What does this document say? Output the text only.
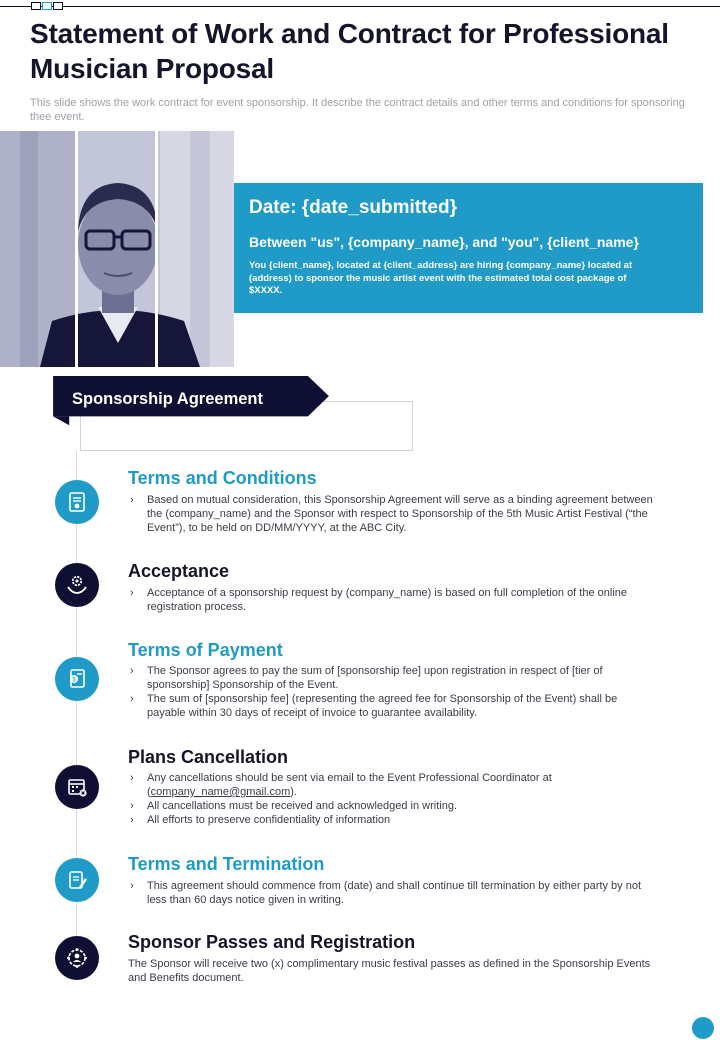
Statement of Work and Contract for Professional Musician Proposal

This slide shows the work contract for event sponsorship. It describe the contract details and other terms and conditions for sponsoring thee event.

Date: {date_submitted}
Between "us", {company_name}, and "you", {client_name}
You {client_name}, located at {client_address} are hiring {company_name} located at (address) to sponsor the music artist event with the estimated total cost package of $XXXX.
Sponsorship Agreement
Terms and Conditions
› Based on mutual consideration, this Sponsorship Agreement will serve as a binding agreement between the (company_name) and the Sponsor with respect to Sponsorship of the 5th Music Artist Festival (“the Event”), to be held on DD/MM/YYYY, at the ABC City.
Acceptance
› Acceptance of a sponsorship request by (company_name) is based on full completion of the online registration process.
$
Terms of Payment
› The Sponsor agrees to pay the sum of [sponsorship fee] upon registration in respect of [tier of sponsorship] Sponsorship of the Event.
› The sum of [sponsorship fee] (representing the agreed fee for Sponsorship of the Event) shall be payable within 30 days of receipt of invoice to guarantee availability.
Plans Cancellation
› Any cancellations should be sent via email to the Event Professional Coordinator at (company_name@gmail.com).
› All cancellations must be received and acknowledged in writing.
› All efforts to preserve confidentiality of information
Terms and Termination
› This agreement should commence from (date) and shall continue till termination by either party by not less than 60 days notice given in writing.
Sponsor Passes and Registration

The Sponsor will receive two (x) complimentary music festival passes as defined in the Sponsorship Events and Benefits document.
